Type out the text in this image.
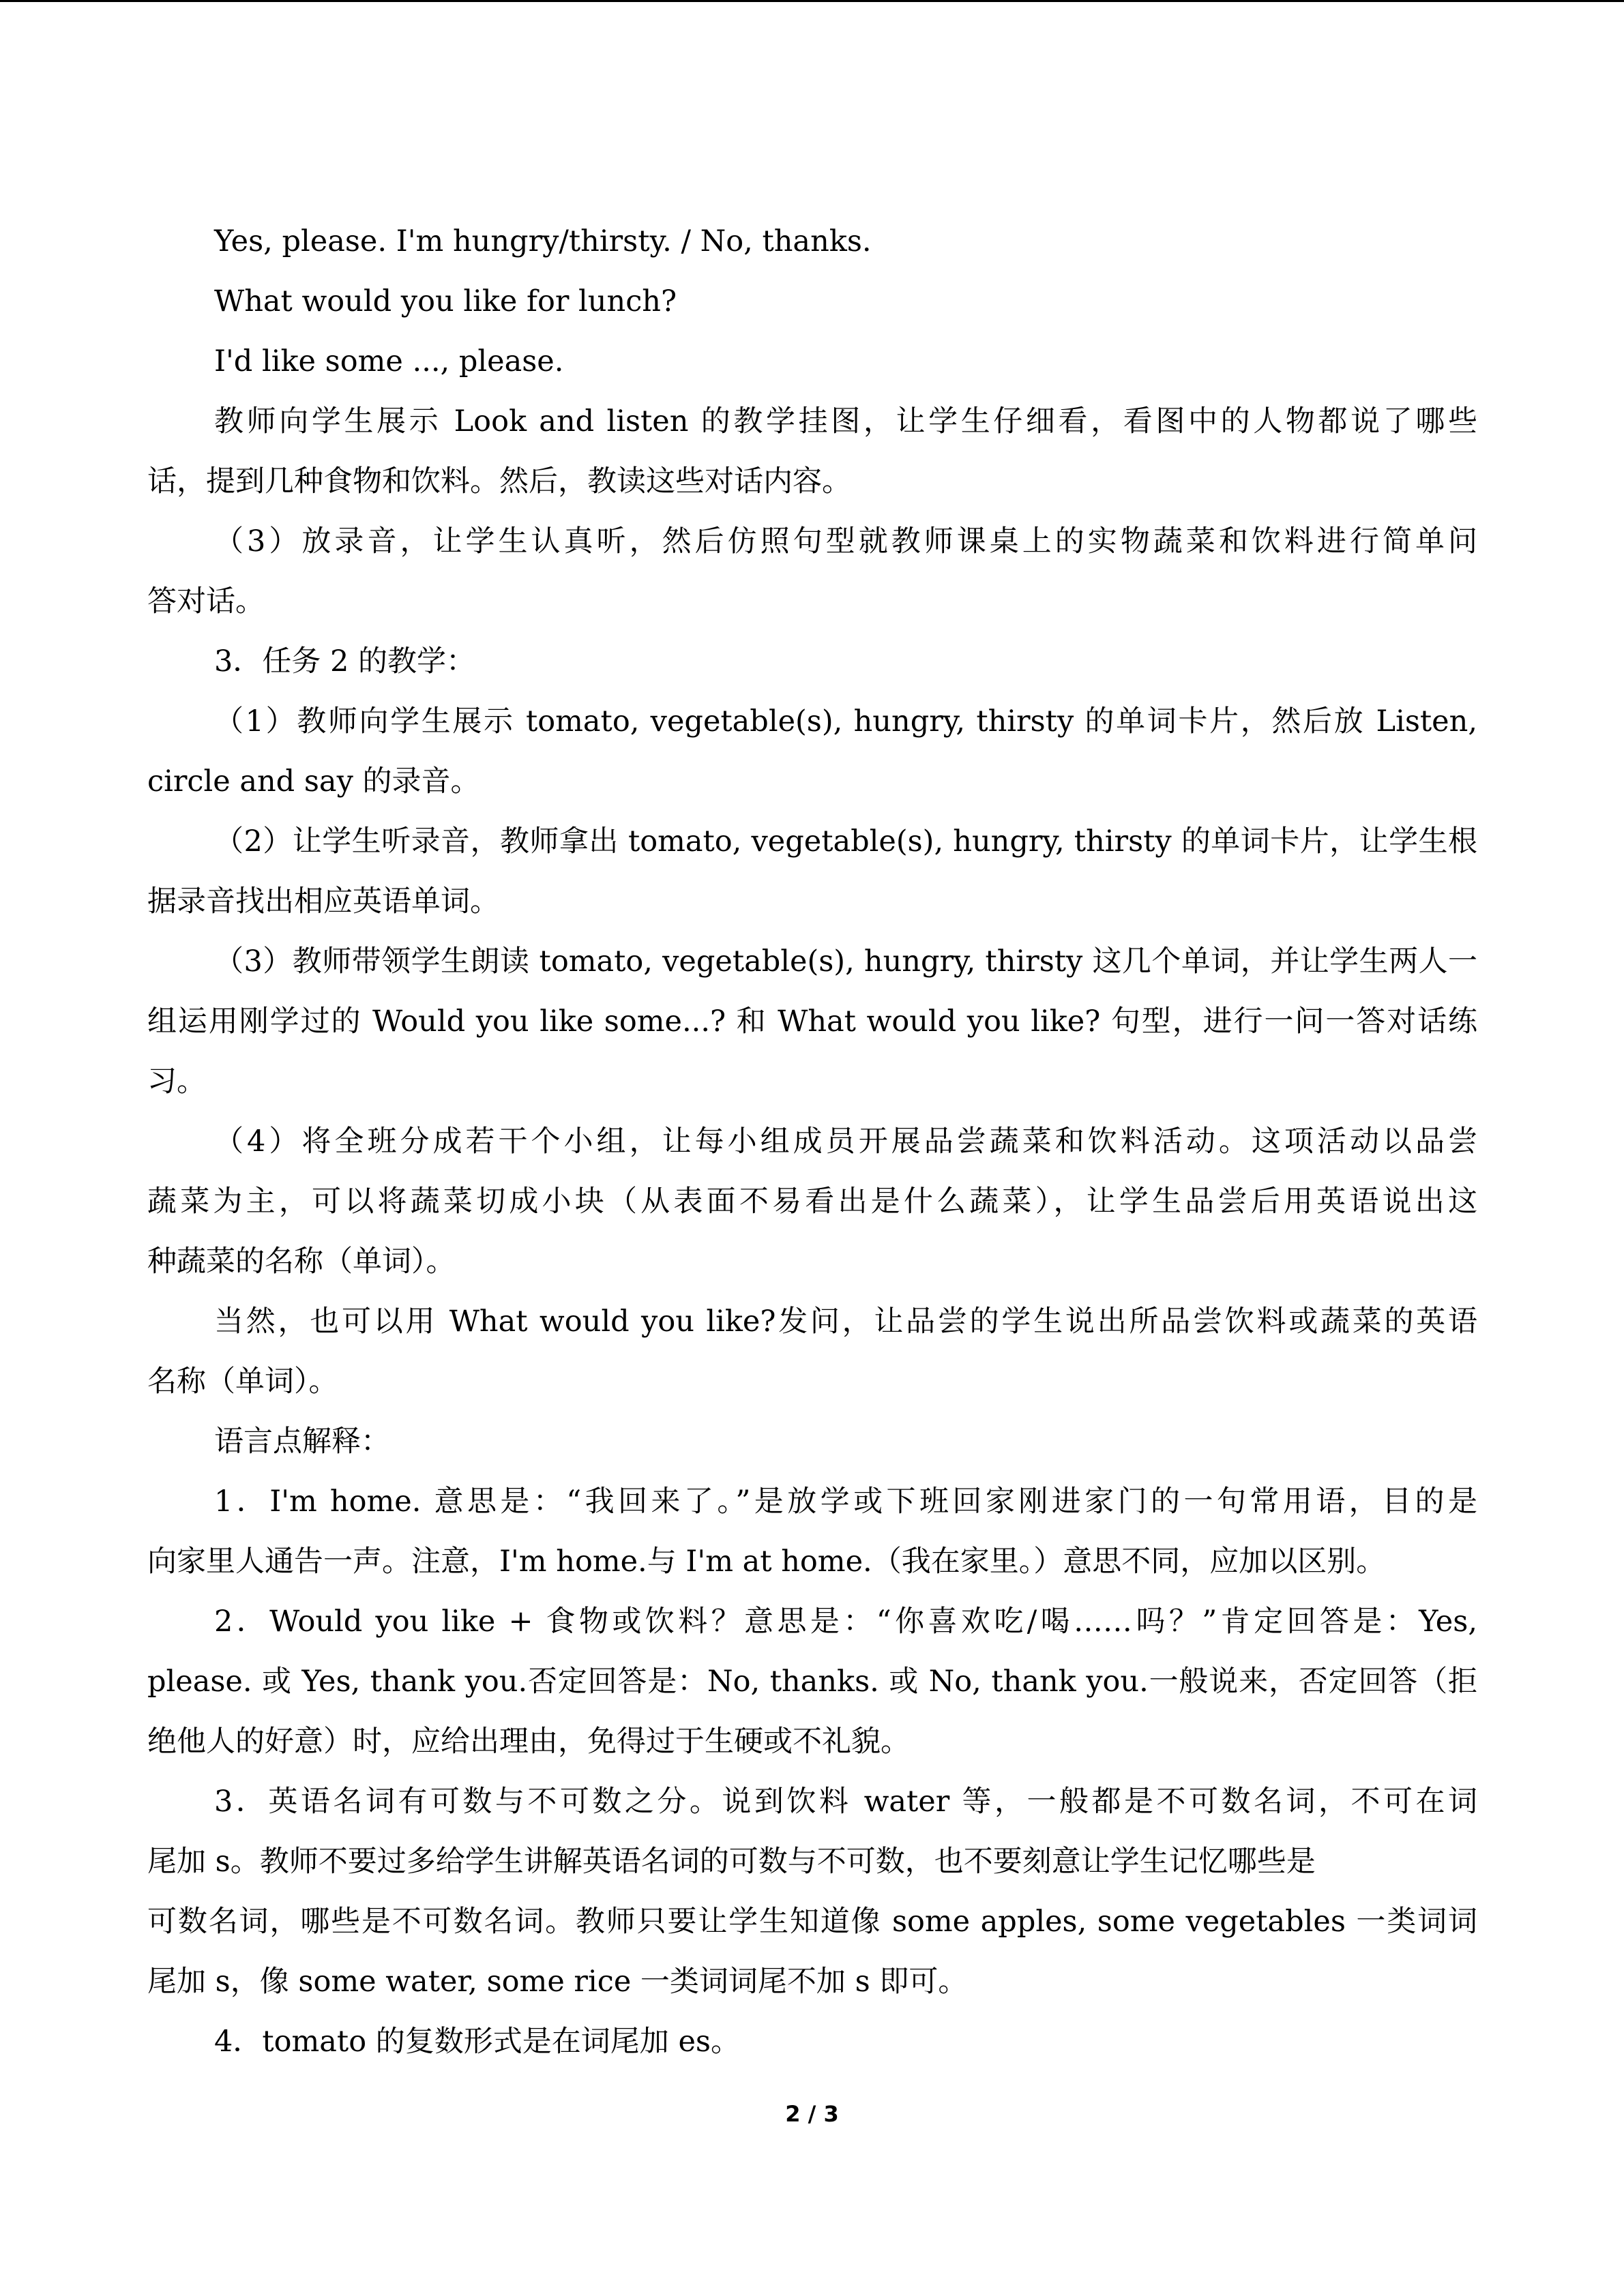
Yes, please. I'm hungry/thirsty. / No, thanks.
What would you like for lunch?
I'd like some ..., please.
教师向学生展示 Look and listen 的教学挂图，让学生仔细看，看图中的人物都说了哪些
话，提到几种食物和饮料。然后，教读这些对话内容。
（3）放录音，让学生认真听，然后仿照句型就教师课桌上的实物蔬菜和饮料进行简单问
答对话。
3．任务 2 的教学：
（1）教师向学生展示 tomato, vegetable(s), hungry, thirsty 的单词卡片，然后放 Listen,
circle and say 的录音。
（2）让学生听录音，教师拿出 tomato, vegetable(s), hungry, thirsty 的单词卡片，让学生根
据录音找出相应英语单词。
（3）教师带领学生朗读 tomato, vegetable(s), hungry, thirsty 这几个单词，并让学生两人一
组运用刚学过的 Would you like some...? 和 What would you like? 句型，进行一问一答对话练
习。
（4）将全班分成若干个小组，让每小组成员开展品尝蔬菜和饮料活动。这项活动以品尝
蔬菜为主，可以将蔬菜切成小块（从表面不易看出是什么蔬菜），让学生品尝后用英语说出这
种蔬菜的名称（单词）。
当然，也可以用 What would you like?发问，让品尝的学生说出所品尝饮料或蔬菜的英语
名称（单词）。
语言点解释：
1．I'm home. 意思是：“我回来了。”是放学或下班回家刚进家门的一句常用语，目的是
向家里人通告一声。注意，I'm home.与 I'm at home.（我在家里。）意思不同，应加以区别。
2．Would you like + 食物或饮料？意思是：“你喜欢吃/喝……吗？”肯定回答是：Yes,
please. 或 Yes, thank you.否定回答是：No, thanks. 或 No, thank you.一般说来，否定回答（拒
绝他人的好意）时，应给出理由，免得过于生硬或不礼貌。
3．英语名词有可数与不可数之分。说到饮料 water 等，一般都是不可数名词，不可在词
尾加 s。教师不要过多给学生讲解英语名词的可数与不可数，也不要刻意让学生记忆哪些是
可数名词，哪些是不可数名词。教师只要让学生知道像 some apples, some vegetables 一类词词
尾加 s，像 some water, some rice 一类词词尾不加 s 即可。
4．tomato 的复数形式是在词尾加 es。
2 / 3
